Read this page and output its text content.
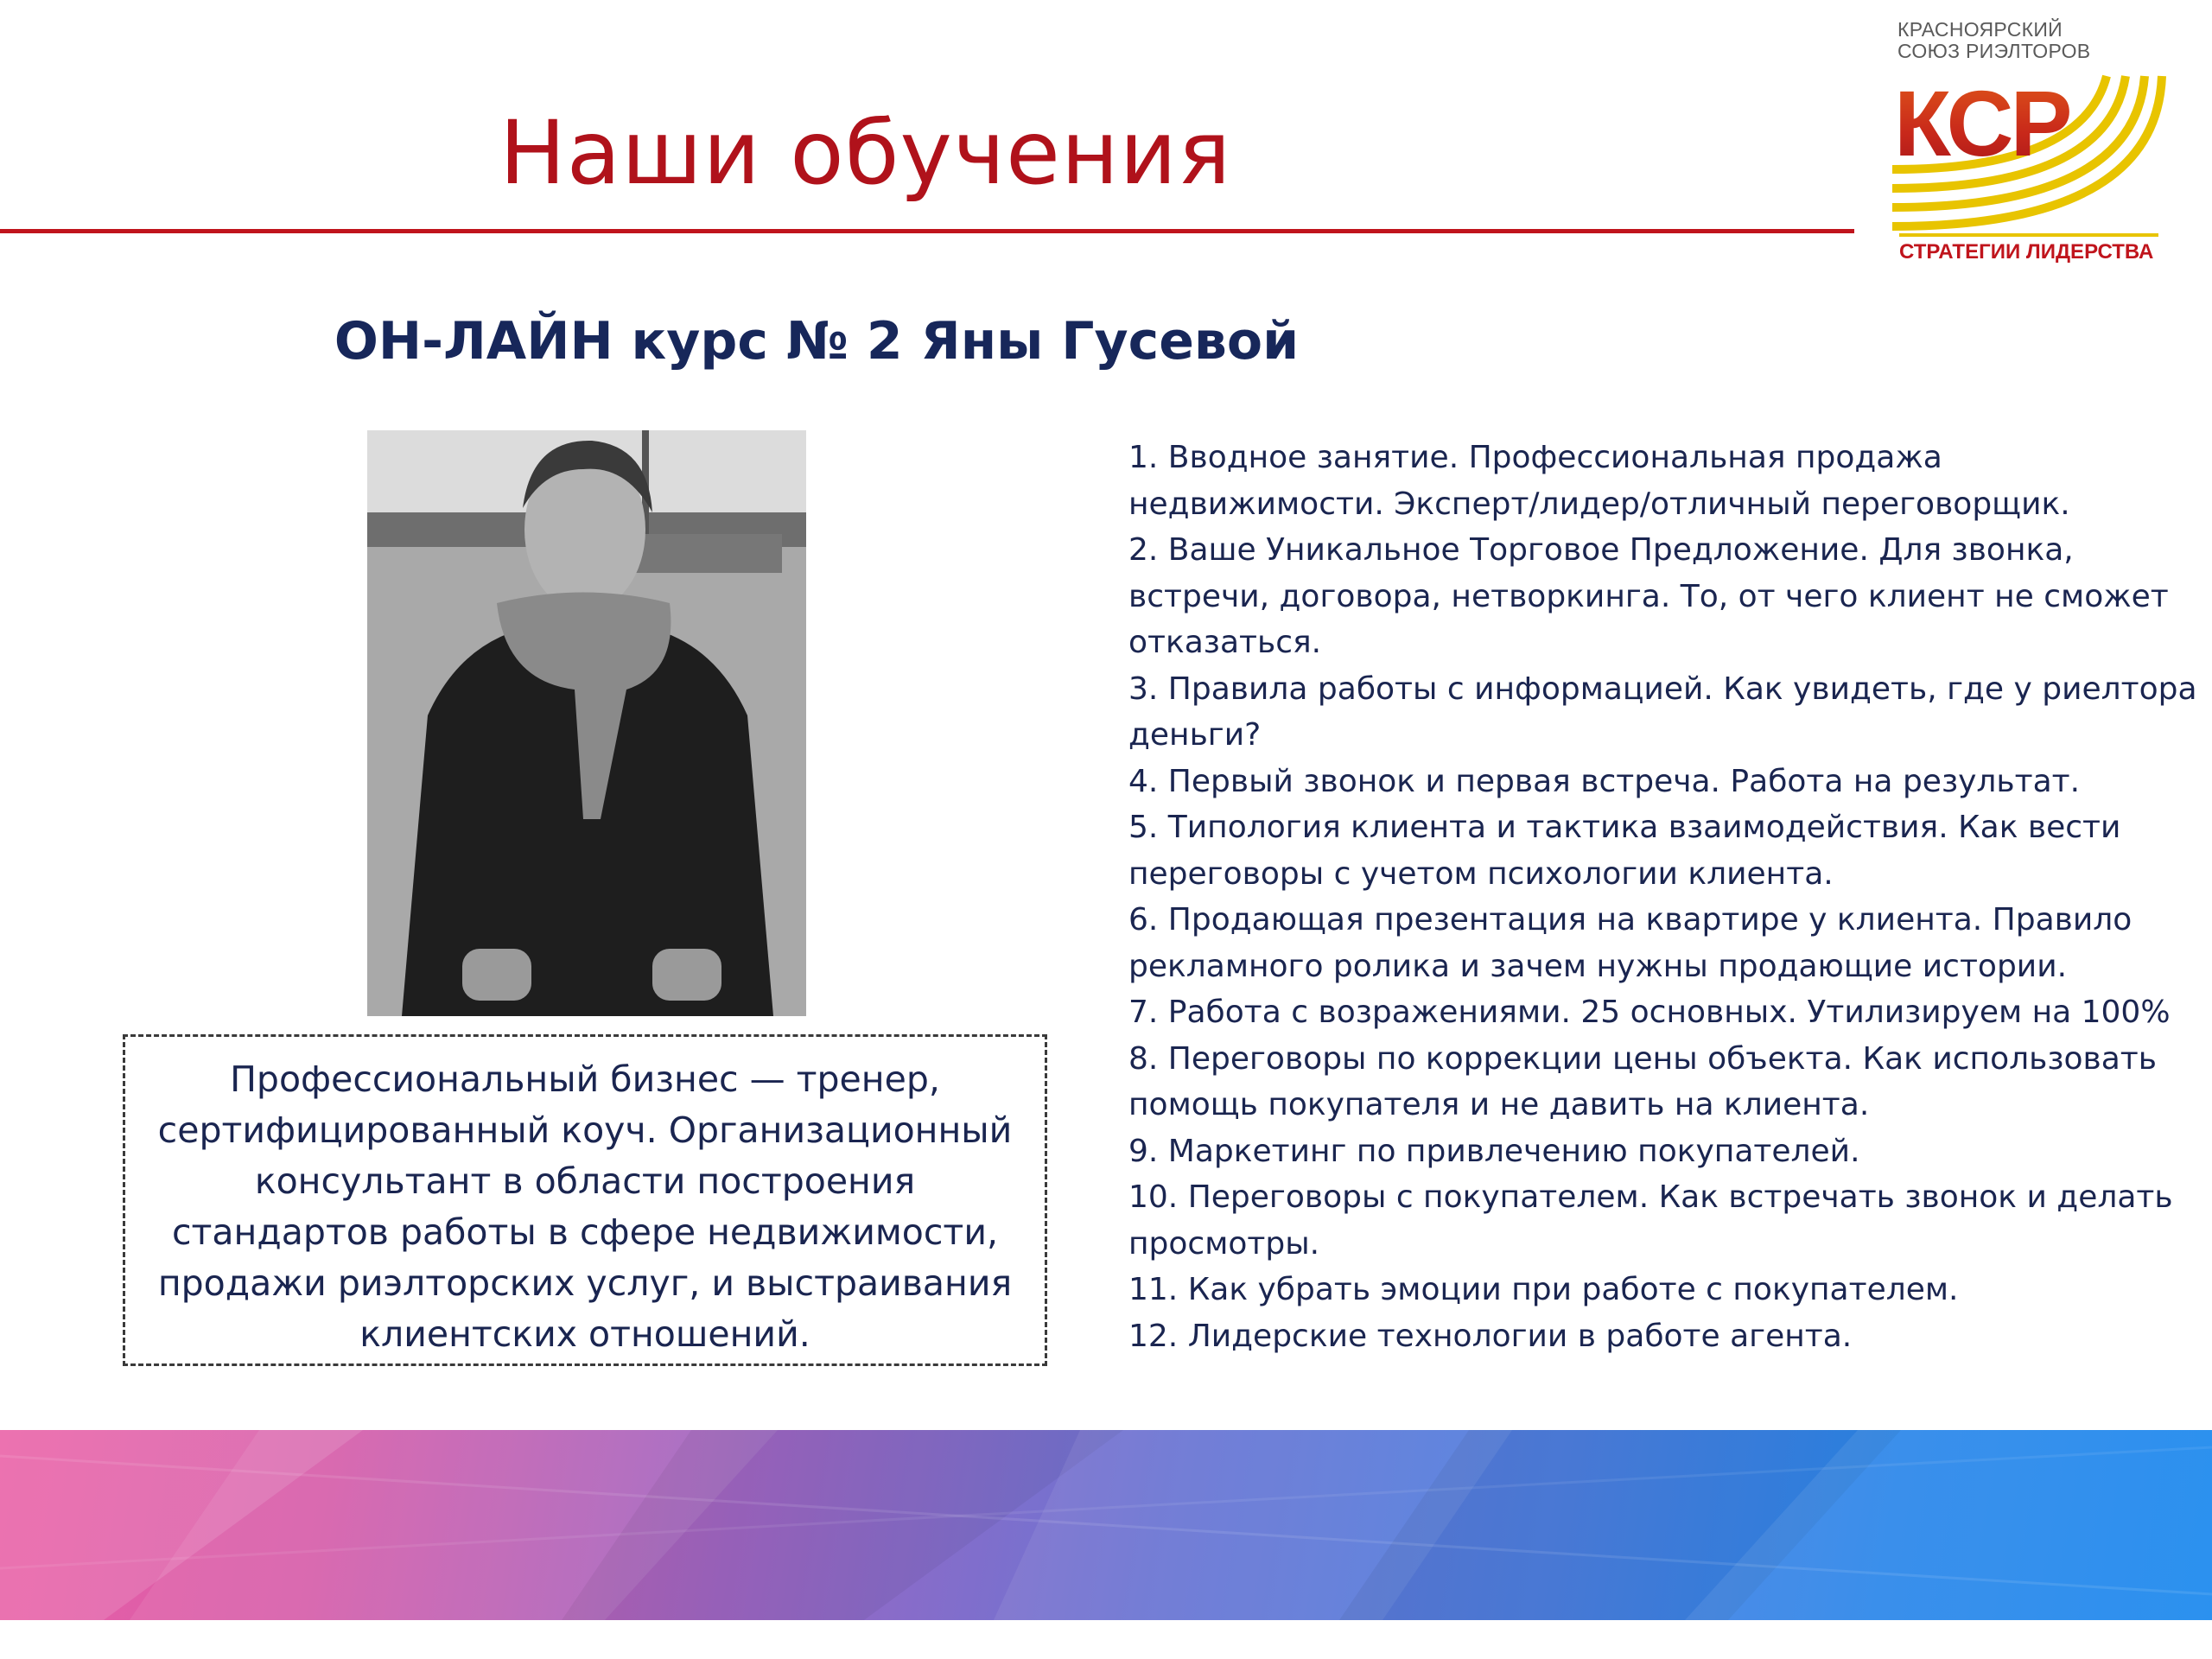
Наши обучения
КРАСНОЯРСКИЙ
СОЮЗ РИЭЛТОРОВ
КСР
СТРАТЕГИИ ЛИДЕРСТВА
ОН-ЛАЙН курс № 2 Яны Гусевой
Профессиональный бизнес — тренер, сертифицированный коуч. Организационный консультант в области построения стандартов работы в сфере недвижимости, продажи риэлторских услуг, и выстраивания клиентских отношений.
1. Вводное занятие. Профессиональная продажа недвижимости. Эксперт/лидер/отличный переговорщик.
2. Ваше Уникальное Торговое Предложение. Для звонка, встречи, договора, нетворкинга. То, от чего клиент не сможет отказаться.
3. Правила работы с информацией. Как увидеть, где у риелтора деньги?
4. Первый звонок и первая встреча. Работа на результат.
5. Типология клиента и тактика взаимодействия. Как вести переговоры с учетом психологии клиента.
6. Продающая презентация на квартире у клиента. Правило рекламного ролика и зачем нужны продающие истории.
7. Работа с возражениями. 25 основных. Утилизируем на 100%
8. Переговоры по коррекции цены объекта. Как использовать помощь покупателя и не давить на клиента.
9. Маркетинг по привлечению покупателей.
10. Переговоры с покупателем. Как встречать звонок и делать просмотры.
11. Как убрать эмоции при работе с покупателем.
12. Лидерские технологии в работе агента.
